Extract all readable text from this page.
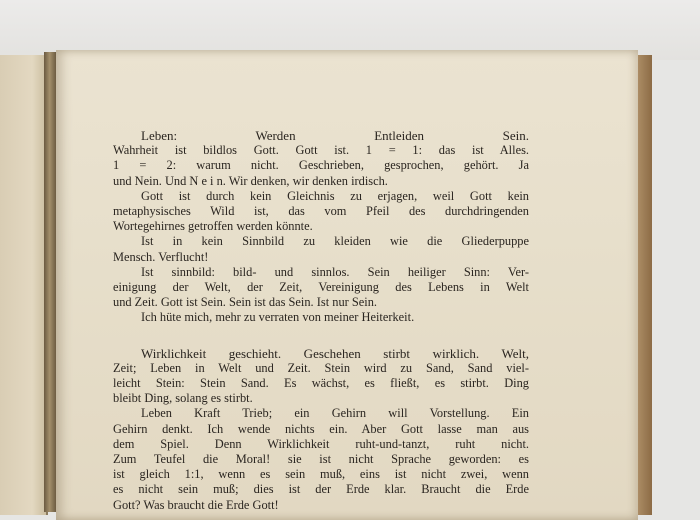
Leben: Werden Entleiden Sein.
Wahrheit ist bildlos Gott. Gott ist. 1 = 1: das ist Alles.
1 = 2: warum nicht. Geschrieben, gesprochen, gehört. Ja
und Nein. Und N e i n. Wir denken, wir denken irdisch.
Gott ist durch kein Gleichnis zu erjagen, weil Gott kein
metaphysisches Wild ist, das vom Pfeil des durchdringenden
Wortegehirnes getroffen werden könnte.
Ist in kein Sinnbild zu kleiden wie die Gliederpuppe
Mensch. Verflucht!
Ist sinnbild: bild- und sinnlos. Sein heiliger Sinn: Ver-
einigung der Welt, der Zeit, Vereinigung des Lebens in Welt
und Zeit. Gott ist Sein. Sein ist das Sein. Ist nur Sein.
Ich hüte mich, mehr zu verraten von meiner Heiterkeit.
Wirklichkeit geschieht. Geschehen stirbt wirklich. Welt,
Zeit; Leben in Welt und Zeit. Stein wird zu Sand, Sand viel-
leicht Stein: Stein Sand. Es wächst, es fließt, es stirbt. Ding
bleibt Ding, solang es stirbt.
Leben Kraft Trieb; ein Gehirn will Vorstellung. Ein
Gehirn denkt. Ich wende nichts ein. Aber Gott lasse man aus
dem Spiel. Denn Wirklichkeit ruht-und-tanzt, ruht nicht.
Zum Teufel die Moral! sie ist nicht Sprache geworden: es
ist gleich 1:1, wenn es sein muß, eins ist nicht zwei, wenn
es nicht sein muß; dies ist der Erde klar. Braucht die Erde
Gott? Was braucht die Erde Gott!
